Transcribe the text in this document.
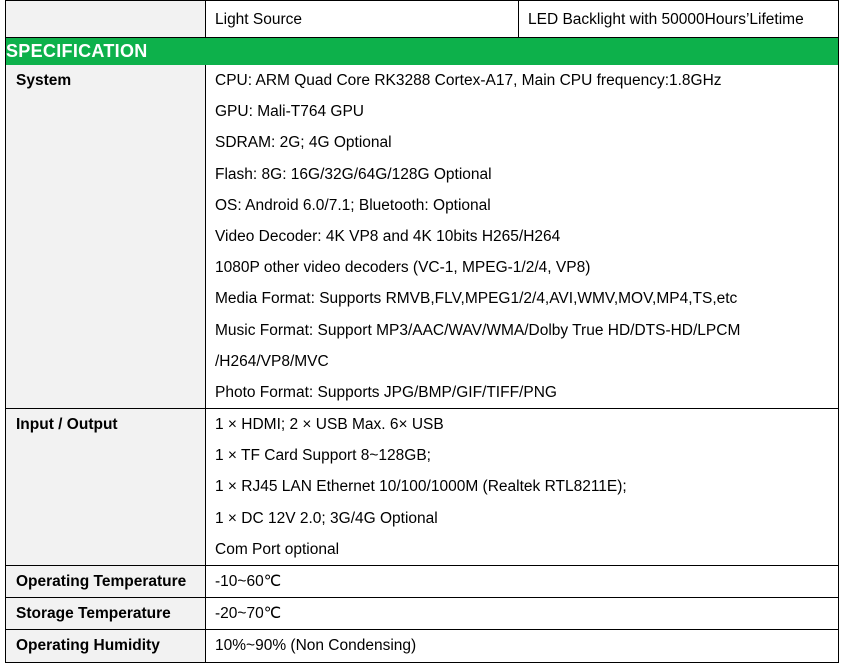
Light Source	LED Backlight with 50000Hours’Lifetime
SPECIFICATION
System	CPU: ARM Quad Core RK3288 Cortex-A17, Main CPU frequency:1.8GHz
GPU: Mali-T764 GPU
SDRAM: 2G; 4G Optional
Flash: 8G: 16G/32G/64G/128G Optional
OS: Android 6.0/7.1; Bluetooth: Optional
Video Decoder: 4K VP8 and 4K 10bits H265/H264
1080P other video decoders (VC-1, MPEG-1/2/4, VP8)
Media Format: Supports RMVB,FLV,MPEG1/2/4,AVI,WMV,MOV,MP4,TS,etc
Music Format: Support MP3/AAC/WAV/WMA/Dolby True HD/DTS-HD/LPCM
/H264/VP8/MVC
Photo Format: Supports JPG/BMP/GIF/TIFF/PNG
Input / Output	1 × HDMI; 2 × USB Max. 6× USB
1 × TF Card Support 8~128GB;
1 × RJ45 LAN Ethernet 10/100/1000M (Realtek RTL8211E);
1 × DC 12V 2.0; 3G/4G Optional
Com Port optional
Operating Temperature	-10~60℃
Storage Temperature	-20~70℃
Operating Humidity	10%~90% (Non Condensing)
